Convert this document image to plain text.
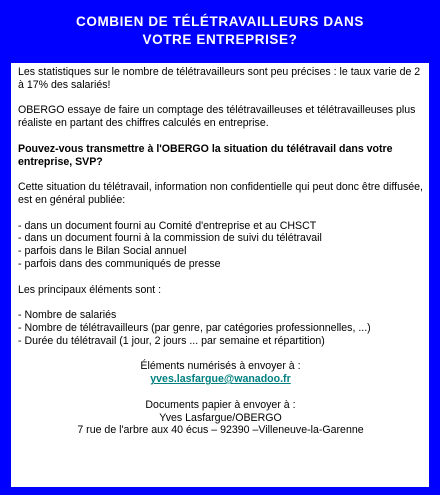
COMBIEN DE TÉLÉTRAVAILLEURS DANS
VOTRE ENTREPRISE?

Les statistiques sur le nombre de télétravailleurs sont peu précises : le taux varie de 2 à 17% des salariés!

OBERGO essaye de faire un comptage des télétravailleuses et télétravailleuses plus réaliste en partant des chiffres calculés en entreprise.

Pouvez-vous transmettre à l'OBERGO la situation du télétravail dans votre entreprise, SVP?

Cette situation du télétravail, information non confidentielle qui peut donc être diffusée, est en général publiée:

- dans un document fourni au Comité d'entreprise et au CHSCT
- dans un document fourni à la commission de suivi du télétravail
- parfois dans le Bilan Social annuel
- parfois dans des communiqués de presse

Les principaux éléments sont :

- Nombre de salariés
- Nombre de télétravailleurs (par genre, par catégories professionnelles, ...)
- Durée du télétravail (1 jour, 2 jours ... par semaine et répartition)
Éléments numérisés à envoyer à :
yves.lasfargue@wanadoo.fr
Documents papier à envoyer à :
Yves Lasfargue/OBERGO
7 rue de l'arbre aux 40 écus – 92390 –Villeneuve-la-Garenne
